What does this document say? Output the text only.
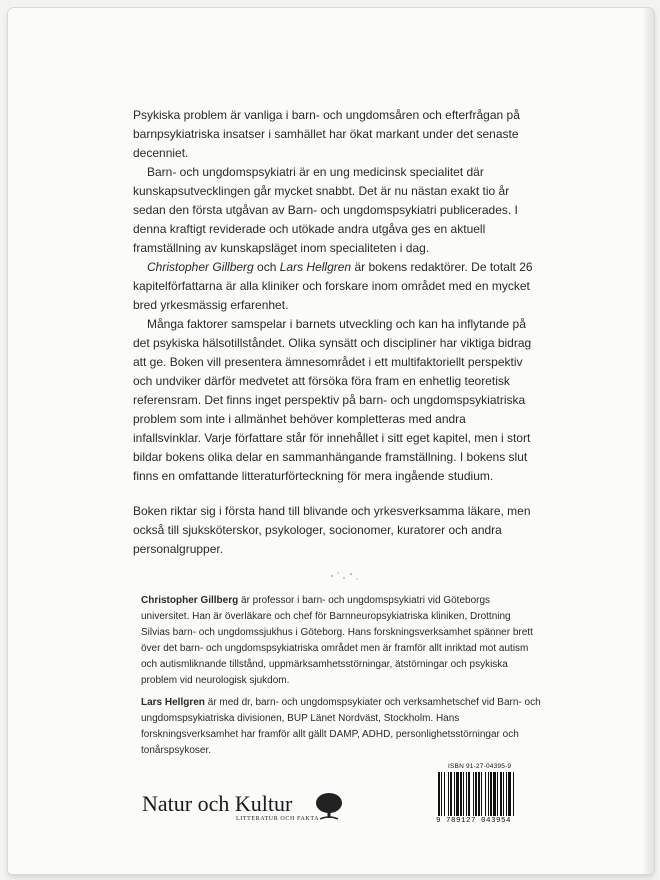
Psykiska problem är vanliga i barn- och ungdomsåren och efterfrågan på barnpsykiatriska insatser i samhället har ökat markant under det senaste decenniet.

Barn- och ungdomspsykiatri är en ung medicinsk specialitet där kunskapsutvecklingen går mycket snabbt. Det är nu nästan exakt tio år sedan den första utgåvan av Barn- och ungdomspsykiatri publicerades. I denna kraftigt reviderade och utökade andra utgåva ges en aktuell framställning av kunskapsläget inom specialiteten i dag.

Christopher Gillberg och Lars Hellgren är bokens redaktörer. De totalt 26 kapitelförfattarna är alla kliniker och forskare inom området med en mycket bred yrkesmässig erfarenhet.

Många faktorer samspelar i barnets utveckling och kan ha inflytande på det psykiska hälsotillståndet. Olika synsätt och discipliner har viktiga bidrag att ge. Boken vill presentera ämnesområdet i ett multifaktoriellt perspektiv och undviker därför medvetet att försöka föra fram en enhetlig teoretisk referensram. Det finns inget perspektiv på barn- och ungdomspsykiatriska problem som inte i allmänhet behöver kompletteras med andra infallsvinklar. Varje författare står för innehållet i sitt eget kapitel, men i stort bildar bokens olika delar en sammanhängande framställning. I bokens slut finns en omfattande litteraturförteckning för mera ingående studium.

Boken riktar sig i första hand till blivande och yrkesverksamma läkare, men också till sjuksköterskor, psykologer, socionomer, kuratorer och andra personalgrupper.

Christopher Gillberg är professor i barn- och ungdomspsykiatri vid Göteborgs universitet. Han är överläkare och chef för Barnneuropsykiatriska kliniken, Drottning Silvias barn- och ungdomssjukhus i Göteborg. Hans forskningsverksamhet spänner brett över det barn- och ungdomspsykiatriska området men är framför allt inriktad mot autism och autismliknande tillstånd, uppmärksamhetsstörningar, ätstörningar och psykiska problem vid neurologisk sjukdom.
Lars Hellgren är med dr, barn- och ungdomspsykiater och verksamhetschef vid Barn- och ungdomspsykiatriska divisionen, BUP Länet Nordväst, Stockholm. Hans forskningsverksamhet har framför allt gällt DAMP, ADHD, personlighetsstörningar och tonårspsykoser.
Natur och Kultur
LITTERATUR OCH FAKTA
ISBN 91-27-04395-9
9 789127 043954
